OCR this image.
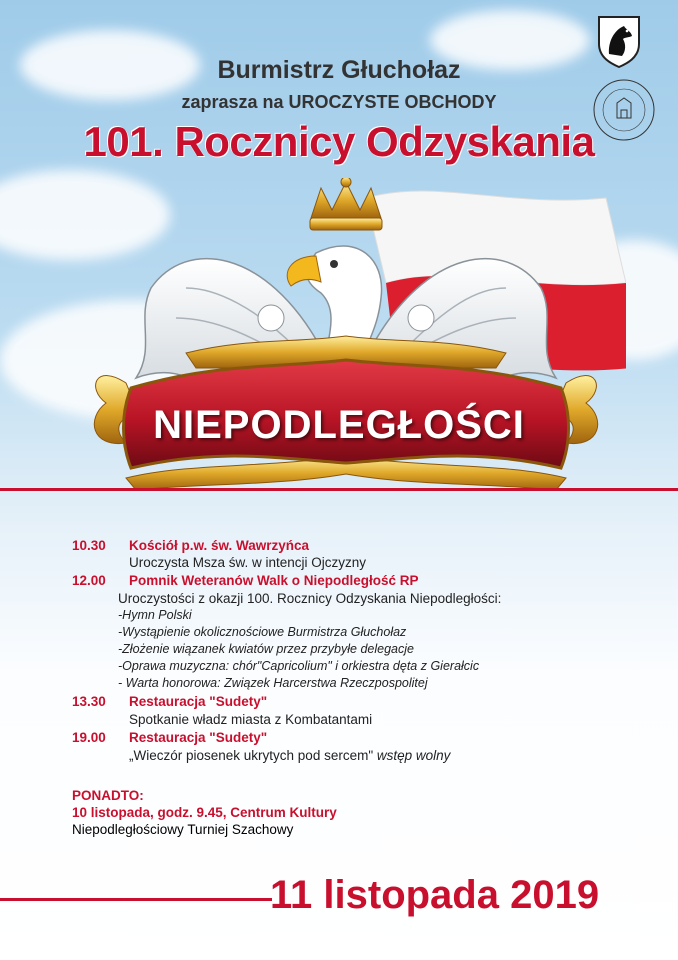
Burmistrz Głuchołaz
zaprasza na UROCZYSTE OBCHODY
101. Rocznicy Odzyskania
NIEPODLEGŁOŚCI
10.30 Kościół p.w. św. Wawrzyńca
Uroczysta Msza św. w intencji Ojczyzny
12.00 Pomnik Weteranów Walk o Niepodległość RP
Uroczystości z okazji 100. Rocznicy Odzyskania Niepodległości:
-Hymn Polski
-Wystąpienie okolicznościowe Burmistrza Głuchołaz
-Złożenie wiązanek kwiatów przez przybyłe delegacje
-Oprawa muzyczna: chór"Capricolium" i orkiestra dęta z Gierałcic
- Warta honorowa: Związek Harcerstwa Rzeczpospolitej
13.30 Restauracja "Sudety"
Spotkanie władz miasta z Kombatantami
19.00 Restauracja "Sudety"
„Wieczór piosenek ukrytych pod sercem" wstęp wolny
PONADTO:
10 listopada, godz. 9.45, Centrum Kultury
Niepodległościowy Turniej Szachowy
11 listopada 2019
